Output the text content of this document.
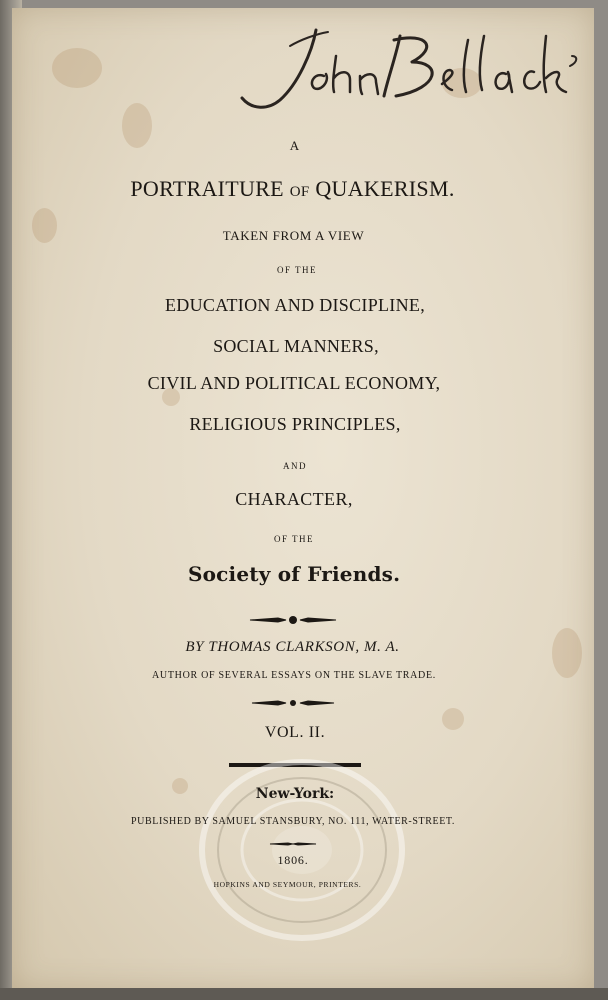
A
PORTRAITURE OF QUAKERISM.
TAKEN FROM A VIEW
OF THE
EDUCATION AND DISCIPLINE,
SOCIAL MANNERS,
CIVIL AND POLITICAL ECONOMY,
RELIGIOUS PRINCIPLES,
AND
CHARACTER,
OF THE
Society of Friends.
BY THOMAS CLARKSON, M. A.
AUTHOR OF SEVERAL ESSAYS ON THE SLAVE TRADE.
VOL. II.
New-York:
PUBLISHED BY SAMUEL STANSBURY, NO. 111, WATER-STREET.
1806.
HOPKINS AND SEYMOUR, PRINTERS.
